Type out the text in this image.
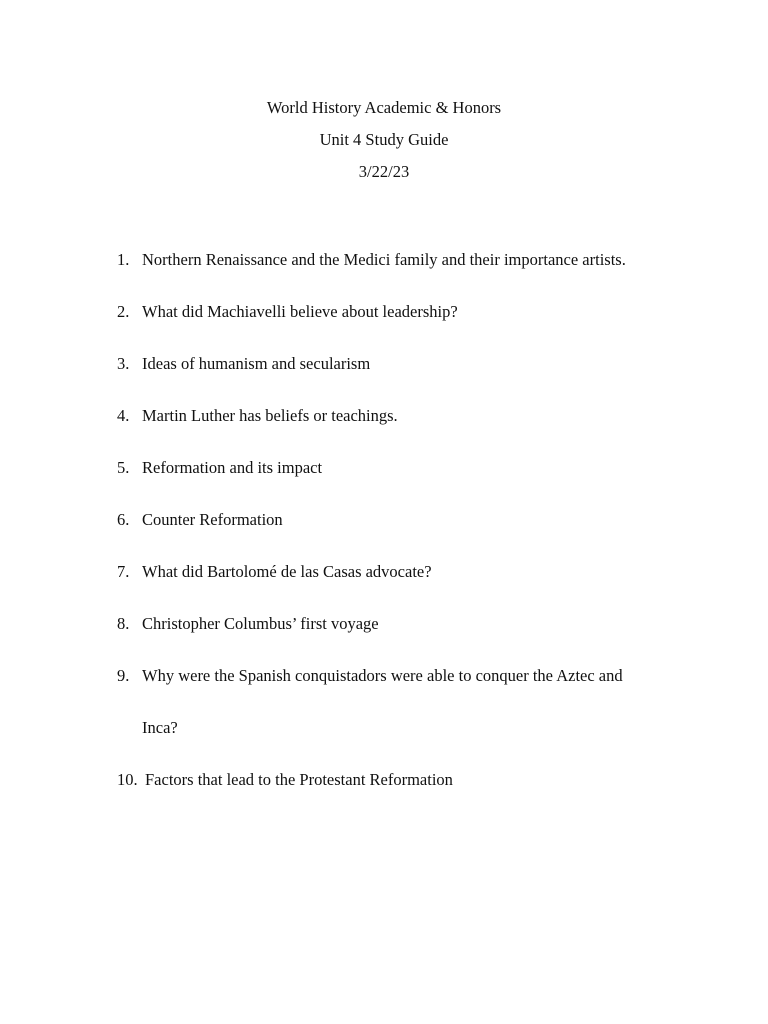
World History Academic & Honors
Unit 4 Study Guide
3/22/23
1. Northern Renaissance and the Medici family and their importance artists.
2. What did Machiavelli believe about leadership?
3. Ideas of humanism and secularism
4. Martin Luther has beliefs or teachings.
5. Reformation and its impact
6. Counter Reformation
7. What did Bartolomé de las Casas advocate?
8. Christopher Columbus’ first voyage
9. Why were the Spanish conquistadors were able to conquer the Aztec and
Inca?
10. Factors that lead to the Protestant Reformation
